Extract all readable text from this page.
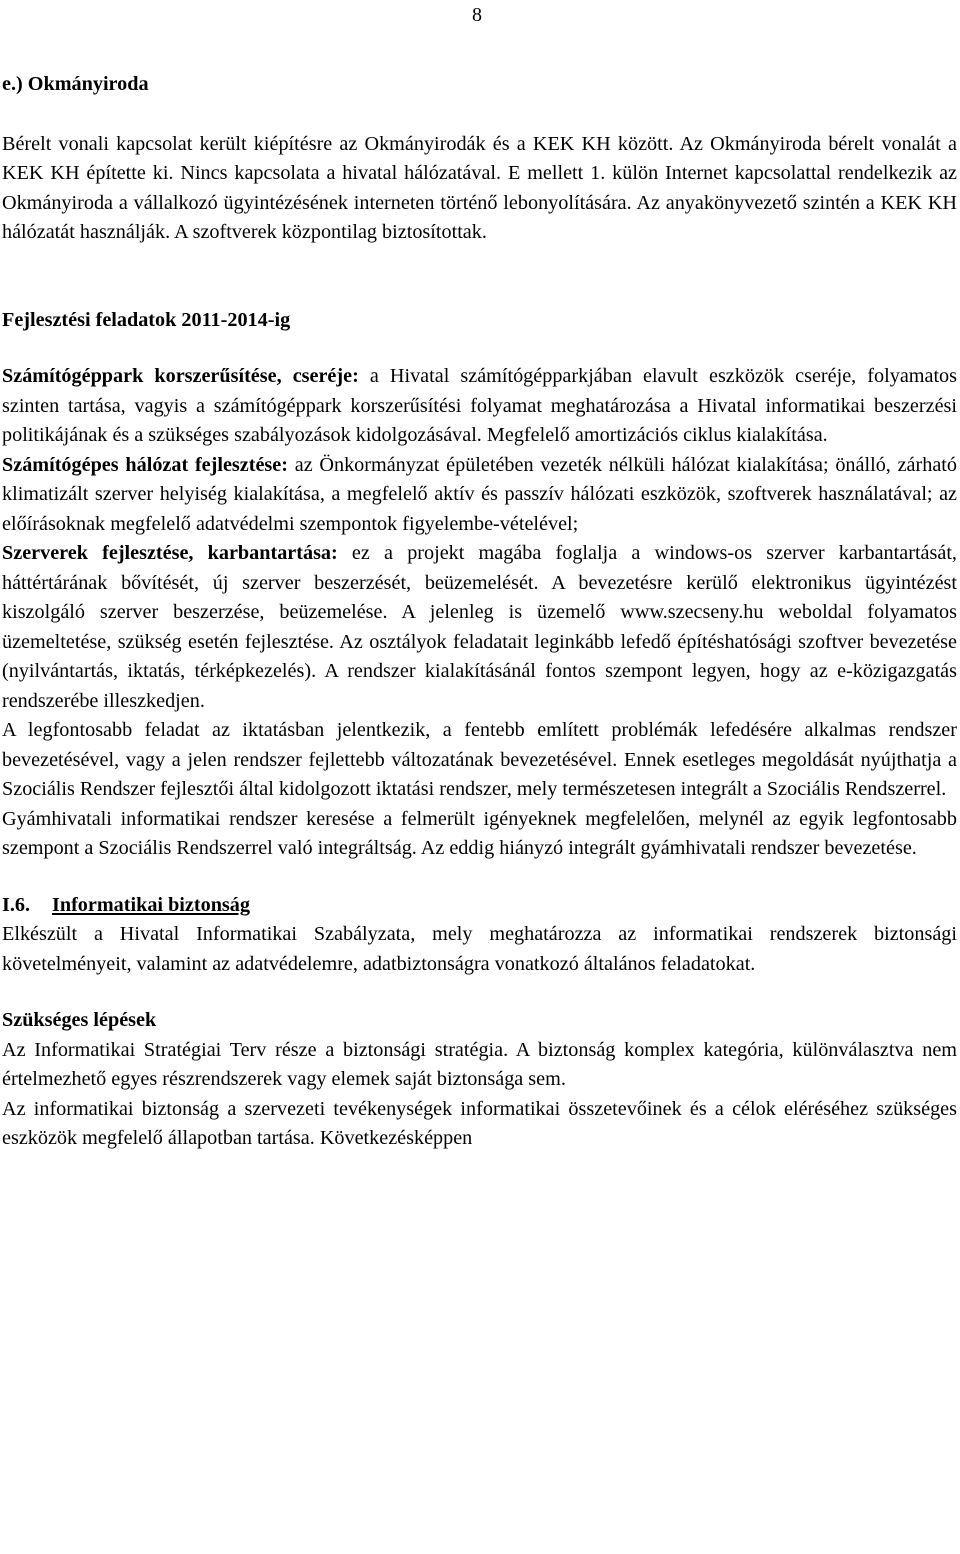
8

e.) Okmányiroda

Bérelt vonali kapcsolat került kiépítésre az Okmányirodák és a KEK KH között. Az Okmányiroda bérelt vonalát a KEK KH építette ki. Nincs kapcsolata a hivatal hálózatával. E mellett 1. külön Internet kapcsolattal rendelkezik az Okmányiroda a vállalkozó ügyintézésének interneten történő lebonyolítására. Az anyakönyvezető szintén a KEK KH hálózatát használják. A szoftverek központilag biztosítottak.

Fejlesztési feladatok 2011-2014-ig

Számítógéppark korszerűsítése, cseréje: a Hivatal számítógépparkjában elavult eszközök cseréje, folyamatos szinten tartása, vagyis a számítógéppark korszerűsítési folyamat meghatározása a Hivatal informatikai beszerzési politikájának és a szükséges szabályozások kidolgozásával. Megfelelő amortizációs ciklus kialakítása.

Számítógépes hálózat fejlesztése: az Önkormányzat épületében vezeték nélküli hálózat kialakítása; önálló, zárható klimatizált szerver helyiség kialakítása, a megfelelő aktív és passzív hálózati eszközök, szoftverek használatával; az előírásoknak megfelelő adatvédelmi szempontok figyelembe-vételével;

Szerverek fejlesztése, karbantartása: ez a projekt magába foglalja a windows-os szerver karbantartását, háttértárának bővítését, új szerver beszerzését, beüzemelését. A bevezetésre kerülő elektronikus ügyintézést kiszolgáló szerver beszerzése, beüzemelése. A jelenleg is üzemelő www.szecseny.hu weboldal folyamatos üzemeltetése, szükség esetén fejlesztése. Az osztályok feladatait leginkább lefedő építéshatósági szoftver bevezetése (nyilvántartás, iktatás, térképkezelés). A rendszer kialakításánál fontos szempont legyen, hogy az e-közigazgatás rendszerébe illeszkedjen.

A legfontosabb feladat az iktatásban jelentkezik, a fentebb említett problémák lefedésére alkalmas rendszer bevezetésével, vagy a jelen rendszer fejlettebb változatának bevezetésével. Ennek esetleges megoldását nyújthatja a Szociális Rendszer fejlesztői által kidolgozott iktatási rendszer, mely természetesen integrált a Szociális Rendszerrel.

Gyámhivatali informatikai rendszer keresése a felmerült igényeknek megfelelően, melynél az egyik legfontosabb szempont a Szociális Rendszerrel való integráltság. Az eddig hiányzó integrált gyámhivatali rendszer bevezetése.

I.6. Informatikai biztonság

Elkészült a Hivatal Informatikai Szabályzata, mely meghatározza az informatikai rendszerek biztonsági követelményeit, valamint az adatvédelemre, adatbiztonságra vonatkozó általános feladatokat.

Szükséges lépések

Az Informatikai Stratégiai Terv része a biztonsági stratégia. A biztonság komplex kategória, különválasztva nem értelmezhető egyes részrendszerek vagy elemek saját biztonsága sem.

Az informatikai biztonság a szervezeti tevékenységek informatikai összetevőinek és a célok eléréséhez szükséges eszközök megfelelő állapotban tartása. Következésképpen
